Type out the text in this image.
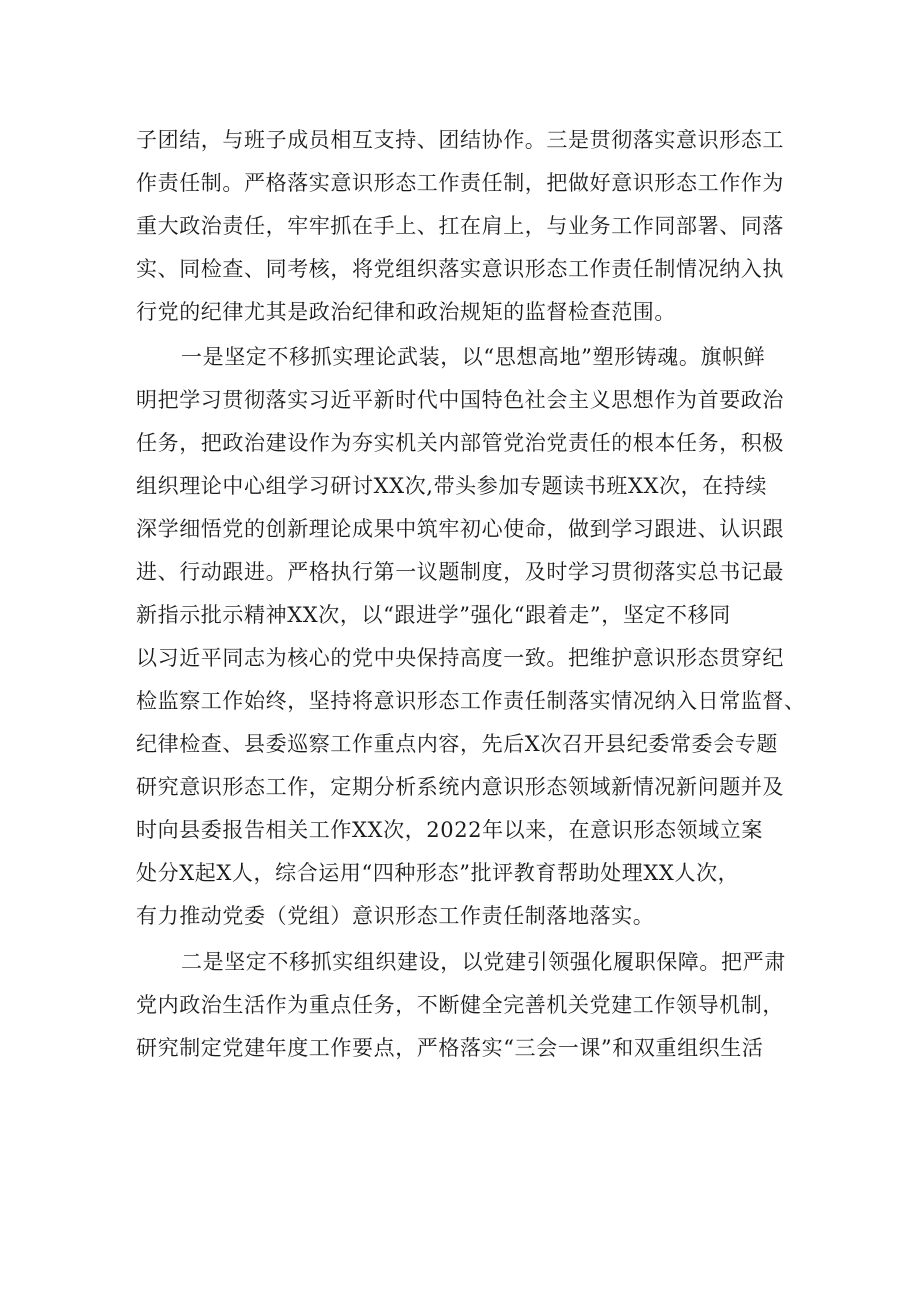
子团结，与班子成员相互支持、团结协作。三是贯彻落实意识形态工
作责任制。严格落实意识形态工作责任制，把做好意识形态工作作为
重大政治责任，牢牢抓在手上、扛在肩上，与业务工作同部署、同落
实、同检查、同考核，将党组织落实意识形态工作责任制情况纳入执
行党的纪律尤其是政治纪律和政治规矩的监督检查范围。
一是坚定不移抓实理论武装，以“思想高地”塑形铸魂。旗帜鲜
明把学习贯彻落实习近平新时代中国特色社会主义思想作为首要政治
任务，把政治建设作为夯实机关内部管党治党责任的根本任务，积极
组织理论中心组学习研讨XX次,带头参加专题读书班XX次，在持续
深学细悟党的创新理论成果中筑牢初心使命，做到学习跟进、认识跟
进、行动跟进。严格执行第一议题制度，及时学习贯彻落实总书记最
新指示批示精神XX次，以“跟进学”强化“跟着走”，坚定不移同
以习近平同志为核心的党中央保持高度一致。把维护意识形态贯穿纪
检监察工作始终，坚持将意识形态工作责任制落实情况纳入日常监督、
纪律检查、县委巡察工作重点内容，先后X次召开县纪委常委会专题
研究意识形态工作，定期分析系统内意识形态领域新情况新问题并及
时向县委报告相关工作XX次，2022年以来，在意识形态领域立案
处分X起X人，综合运用“四种形态”批评教育帮助处理XX人次，
有力推动党委（党组）意识形态工作责任制落地落实。
二是坚定不移抓实组织建设，以党建引领强化履职保障。把严肃
党内政治生活作为重点任务，不断健全完善机关党建工作领导机制，
研究制定党建年度工作要点，严格落实“三会一课”和双重组织生活
